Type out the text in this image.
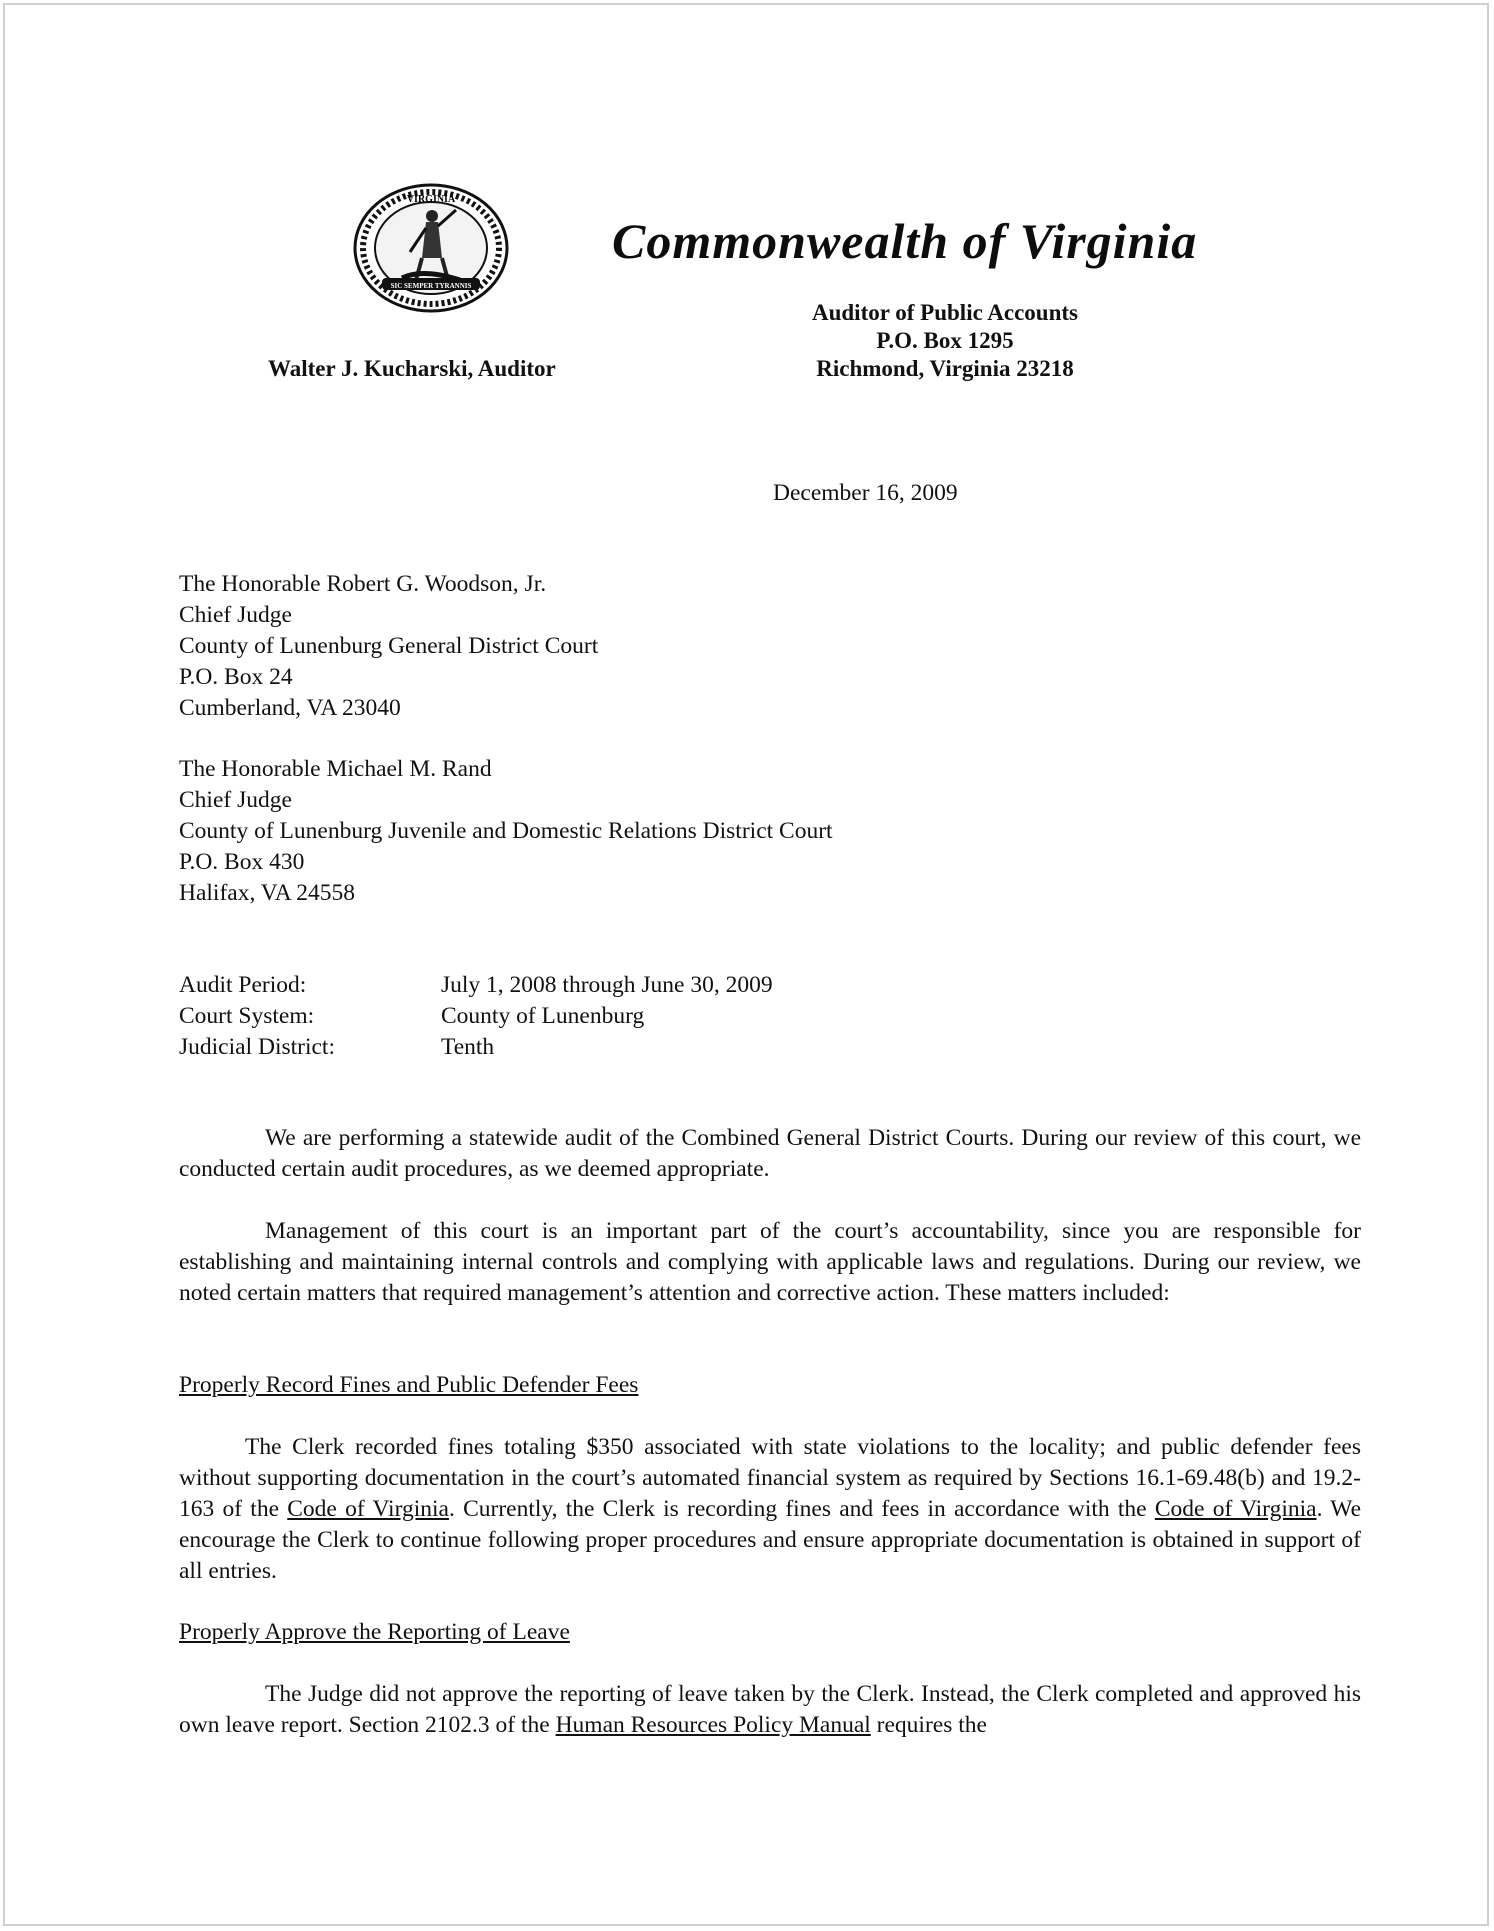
VIRGINIA
SIC SEMPER TYRANNIS
Commonwealth of Virginia
Auditor of Public Accounts
P.O. Box 1295
Richmond, Virginia 23218
Walter J. Kucharski, Auditor
December 16, 2009
The Honorable Robert G. Woodson, Jr.
Chief Judge
County of Lunenburg General District Court
P.O. Box 24
Cumberland, VA 23040
The Honorable Michael M. Rand
Chief Judge
County of Lunenburg Juvenile and Domestic Relations District Court
P.O. Box 430
Halifax, VA 24558
Audit Period:	July 1, 2008 through June 30, 2009
Court System:	County of Lunenburg
Judicial District:	Tenth
We are performing a statewide audit of the Combined General District Courts. During our review of this court, we conducted certain audit procedures, as we deemed appropriate.
Management of this court is an important part of the court’s accountability, since you are responsible for establishing and maintaining internal controls and complying with applicable laws and regulations. During our review, we noted certain matters that required management’s attention and corrective action. These matters included:
Properly Record Fines and Public Defender Fees
The Clerk recorded fines totaling $350 associated with state violations to the locality; and public defender fees without supporting documentation in the court’s automated financial system as required by Sections 16.1-69.48(b) and 19.2-163 of the Code of Virginia. Currently, the Clerk is recording fines and fees in accordance with the Code of Virginia. We encourage the Clerk to continue following proper procedures and ensure appropriate documentation is obtained in support of all entries.
Properly Approve the Reporting of Leave
The Judge did not approve the reporting of leave taken by the Clerk. Instead, the Clerk completed and approved his own leave report. Section 2102.3 of the Human Resources Policy Manual requires the
